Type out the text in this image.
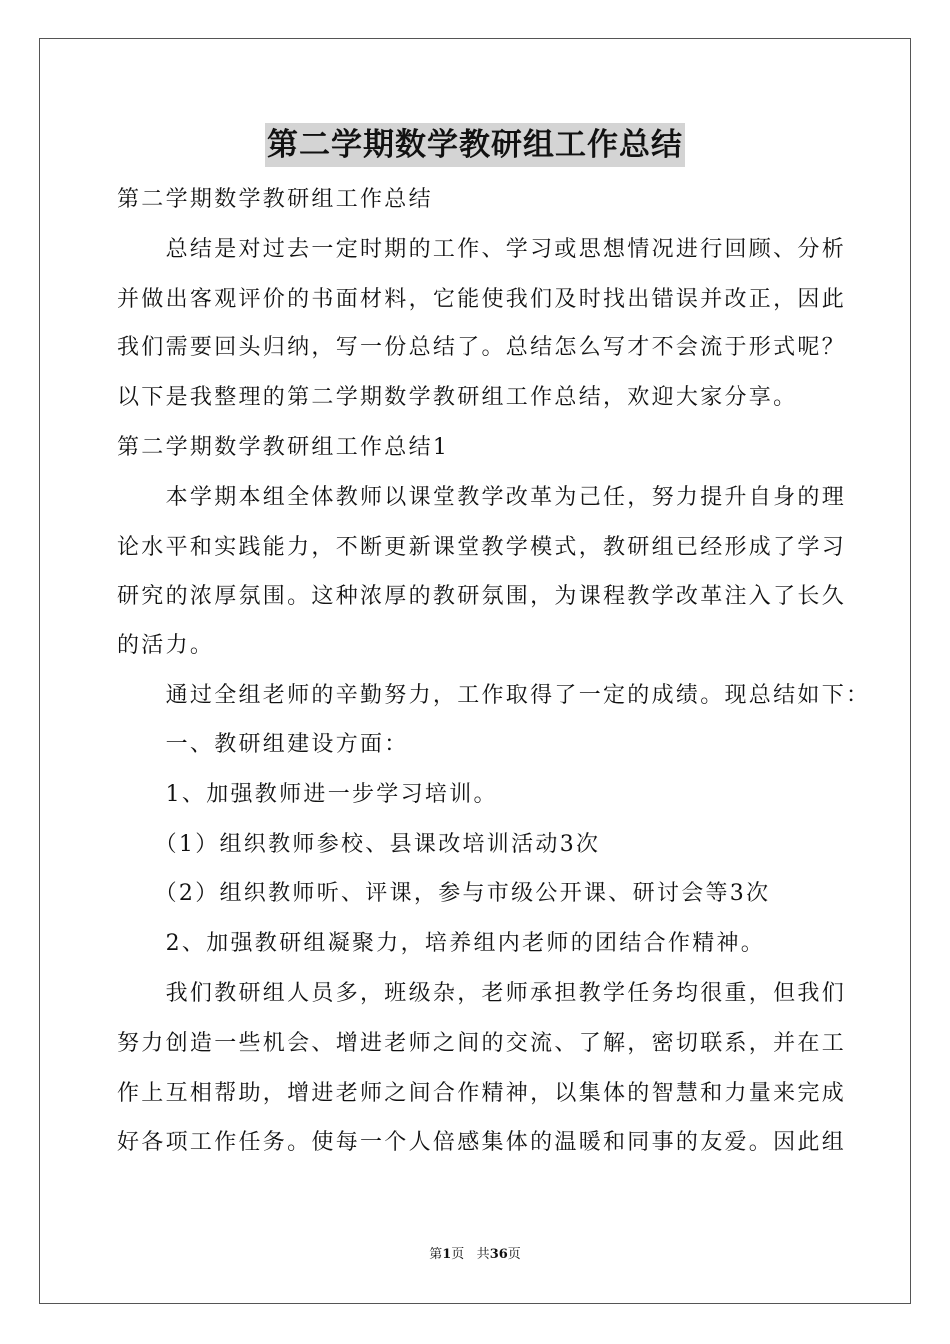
第二学期数学教研组工作总结
第二学期数学教研组工作总结
　　总结是对过去一定时期的工作、学习或思想情况进行回顾、分析
并做出客观评价的书面材料，它能使我们及时找出错误并改正，因此
我们需要回头归纳，写一份总结了。总结怎么写才不会流于形式呢？
以下是我整理的第二学期数学教研组工作总结，欢迎大家分享。
第二学期数学教研组工作总结1
　　本学期本组全体教师以课堂教学改革为己任，努力提升自身的理
论水平和实践能力，不断更新课堂教学模式，教研组已经形成了学习
研究的浓厚氛围。这种浓厚的教研氛围，为课程教学改革注入了长久
的活力。
　　通过全组老师的辛勤努力，工作取得了一定的成绩。现总结如下：
　　一、教研组建设方面：
　　1、加强教师进一步学习培训。
　　（1）组织教师参校、县课改培训活动3次
　　（2）组织教师听、评课，参与市级公开课、研讨会等3次
　　2、加强教研组凝聚力，培养组内老师的团结合作精神。
　　我们教研组人员多，班级杂，老师承担教学任务均很重，但我们
努力创造一些机会、增进老师之间的交流、了解，密切联系，并在工
作上互相帮助，增进老师之间合作精神，以集体的智慧和力量来完成
好各项工作任务。使每一个人倍感集体的温暖和同事的友爱。因此组
第1页 共36页
